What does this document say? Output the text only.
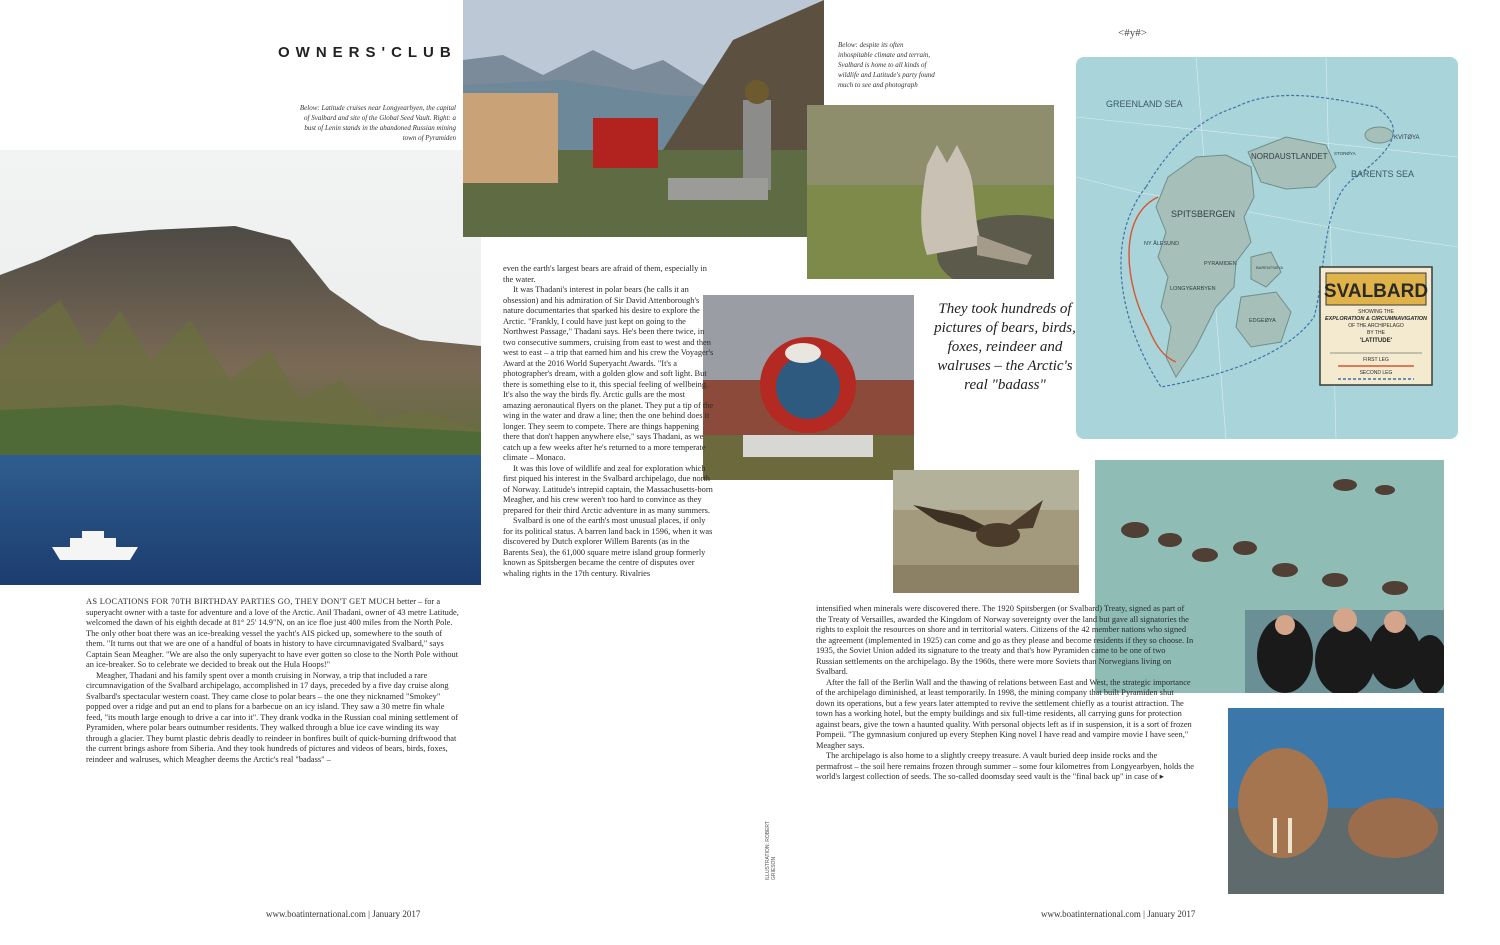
OWNERS'CLUB
<#y#>
Below: Latitude cruises near Longyearbyen, the capital of Svalbard and site of the Global Seed Vault. Right: a bust of Lenin stands in the abandoned Russian mining town of Pyramiden
Below: despite its often inhospitable climate and terrain, Svalbard is home to all kinds of wildlife and Latitude's party found much to see and photograph
SVALBARD
SHOWING THE
EXPLORATION & CIRCUMNAVIGATION
OF THE ARCHIPELAGO
BY THE
'LATITUDE'
FIRST LEG
SECOND LEG
GREENLAND SEA
BARENTS SEA
NORDAUSTLANDET
SPITSBERGEN
NY ÅLESUND
PYRAMIDEN
LONGYEARBYEN
EDGEØYA
KVITØYA
STORØYA
BARENTSØYA
They took hundreds of pictures of bears, birds, foxes, reindeer and walruses – the Arctic's real "badass"
ILLUSTRATION: ROBERT GRIESON

AS LOCATIONS FOR 70TH BIRTHDAY PARTIES GO, THEY DON'T GET MUCH better – for a superyacht owner with a taste for adventure and a love of the Arctic. Anil Thadani, owner of 43 metre Latitude, welcomed the dawn of his eighth decade at 81° 25' 14.9"N, on an ice floe just 400 miles from the North Pole. The only other boat there was an ice-breaking vessel the yacht's AIS picked up, somewhere to the south of them. "It turns out that we are one of a handful of boats in history to have circumnavigated Svalbard," says Captain Sean Meagher. "We are also the only superyacht to have ever gotten so close to the North Pole without an ice-breaker. So to celebrate we decided to break out the Hula Hoops!"

Meagher, Thadani and his family spent over a month cruising in Norway, a trip that included a rare circumnavigation of the Svalbard archipelago, accomplished in 17 days, preceded by a five day cruise along Svalbard's spectacular western coast. They came close to polar bears – the one they nicknamed "Smokey" popped over a ridge and put an end to plans for a barbecue on an icy island. They saw a 30 metre fin whale feed, "its mouth large enough to drive a car into it". They drank vodka in the Russian coal mining settlement of Pyramiden, where polar bears outnumber residents. They walked through a blue ice cave winding its way through a glacier. They burnt plastic debris deadly to reindeer in bonfires built of quick-burning driftwood that the current brings ashore from Siberia. And they took hundreds of pictures and videos of bears, birds, foxes, reindeer and walruses, which Meagher deems the Arctic's real "badass" –

even the earth's largest bears are afraid of them, especially in the water.

It was Thadani's interest in polar bears (he calls it an obsession) and his admiration of Sir David Attenborough's nature documentaries that sparked his desire to explore the Arctic. "Frankly, I could have just kept on going to the Northwest Passage," Thadani says. He's been there twice, in two consecutive summers, cruising from east to west and then west to east – a trip that earned him and his crew the Voyager's Award at the 2016 World Superyacht Awards. "It's a photographer's dream, with a golden glow and soft light. But there is something else to it, this special feeling of wellbeing. It's also the way the birds fly. Arctic gulls are the most amazing aeronautical flyers on the planet. They put a tip of the wing in the water and draw a line; then the one behind does it longer. They seem to compete. There are things happening there that don't happen anywhere else," says Thadani, as we catch up a few weeks after he's returned to a more temperate climate – Monaco.

It was this love of wildlife and zeal for exploration which first piqued his interest in the Svalbard archipelago, due north of Norway. Latitude's intrepid captain, the Massachusetts-born Meagher, and his crew weren't too hard to convince as they prepared for their third Arctic adventure in as many summers.

Svalbard is one of the earth's most unusual places, if only for its political status. A barren land back in 1596, when it was discovered by Dutch explorer Willem Barents (as in the Barents Sea), the 61,000 square metre island group formerly known as Spitsbergen became the centre of disputes over whaling rights in the 17th century. Rivalries

intensified when minerals were discovered there. The 1920 Spitsbergen (or Svalbard) Treaty, signed as part of the Treaty of Versailles, awarded the Kingdom of Norway sovereignty over the land but gave all signatories the rights to exploit the resources on shore and in territorial waters. Citizens of the 42 member nations who signed the agreement (implemented in 1925) can come and go as they please and become residents if they so choose. In 1935, the Soviet Union added its signature to the treaty and that's how Pyramiden came to be one of two Russian settlements on the archipelago. By the 1960s, there were more Soviets than Norwegians living on Svalbard.

After the fall of the Berlin Wall and the thawing of relations between East and West, the strategic importance of the archipelago diminished, at least temporarily. In 1998, the mining company that built Pyramiden shut down its operations, but a few years later attempted to revive the settlement chiefly as a tourist attraction. The town has a working hotel, but the empty buildings and six full-time residents, all carrying guns for protection against bears, give the town a haunted quality. With personal objects left as if in suspension, it is a sort of frozen Pompeii. "The gymnasium conjured up every Stephen King novel I have read and vampire movie I have seen," Meagher says.

The archipelago is also home to a slightly creepy treasure. A vault buried deep inside rocks and the permafrost – the soil here remains frozen through summer – some four kilometres from Longyearbyen, holds the world's largest collection of seeds. The so-called doomsday seed vault is the "final back up" in case of ▸

www.boatinternational.com | January 2017	www.boatinternational.com | January 2017
